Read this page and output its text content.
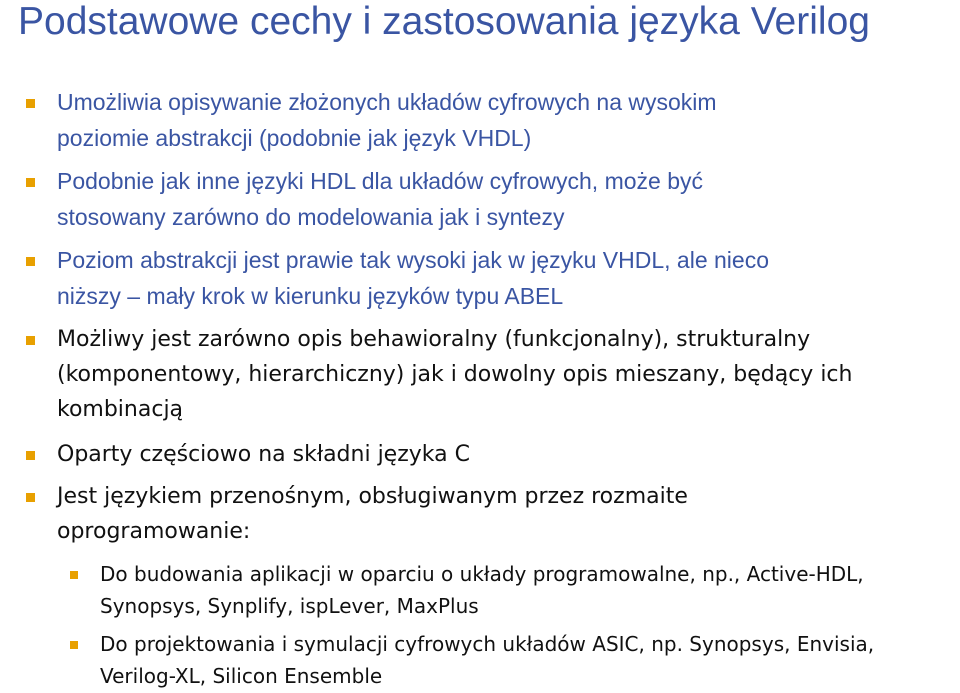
Podstawowe cechy i zastosowania języka Verilog
Umożliwia opisywanie złożonych układów cyfrowych na wysokim
poziomie abstrakcji (podobnie jak język VHDL)
Podobnie jak inne języki HDL dla układów cyfrowych, może być
stosowany zarówno do modelowania jak i syntezy
Poziom abstrakcji jest prawie tak wysoki jak w języku VHDL, ale nieco
niższy – mały krok w kierunku języków typu ABEL
Możliwy jest zarówno opis behawioralny (funkcjonalny), strukturalny
(komponentowy, hierarchiczny) jak i dowolny opis mieszany, będący ich
kombinacją
Oparty częściowo na składni języka C
Jest językiem przenośnym, obsługiwanym przez rozmaite
oprogramowanie:
Do budowania aplikacji w oparciu o układy programowalne, np., Active-HDL,
Synopsys, Synplify, ispLever, MaxPlus
Do projektowania i symulacji cyfrowych układów ASIC, np. Synopsys, Envisia,
Verilog-XL, Silicon Ensemble
